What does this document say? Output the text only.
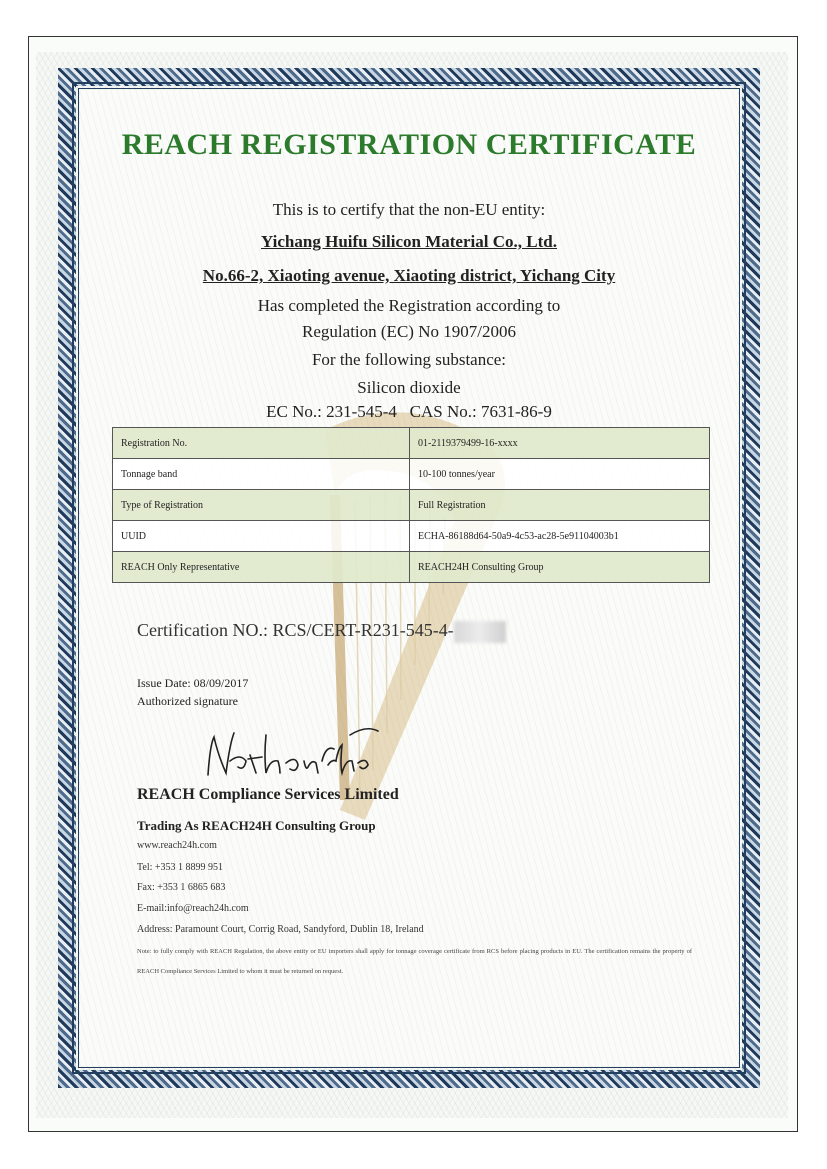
REACH REGISTRATION CERTIFICATE
This is to certify that the non-EU entity:
Yichang Huifu Silicon Material Co., Ltd.
No.66-2, Xiaoting avenue, Xiaoting district, Yichang City
Has completed the Registration according to
Regulation (EC) No 1907/2006
For the following substance:
Silicon dioxide
EC No.: 231-545-4   CAS No.: 7631-86-9
Registration No.	01-2119379499-16-xxxx
Tonnage band	10-100 tonnes/year
Type of Registration	Full Registration
UUID	ECHA-86188d64-50a9-4c53-ac28-5e91104003b1
REACH Only Representative	REACH24H Consulting Group
Certification NO.: RCS/CERT-R231-545-4-
Issue Date: 08/09/2017
Authorized signature
REACH Compliance Services Limited
Trading As REACH24H Consulting Group
www.reach24h.com
Tel: +353 1 8899 951
Fax: +353 1 6865 683
E-mail:info@reach24h.com
Address: Paramount Court, Corrig Road, Sandyford, Dublin 18, Ireland
Note: to fully comply with REACH Regulation, the above entity or EU importers shall apply for tonnage coverage certificate from RCS before placing products in EU. The certification remains the property of REACH Compliance Services Limited to whom it must be returned on request.
